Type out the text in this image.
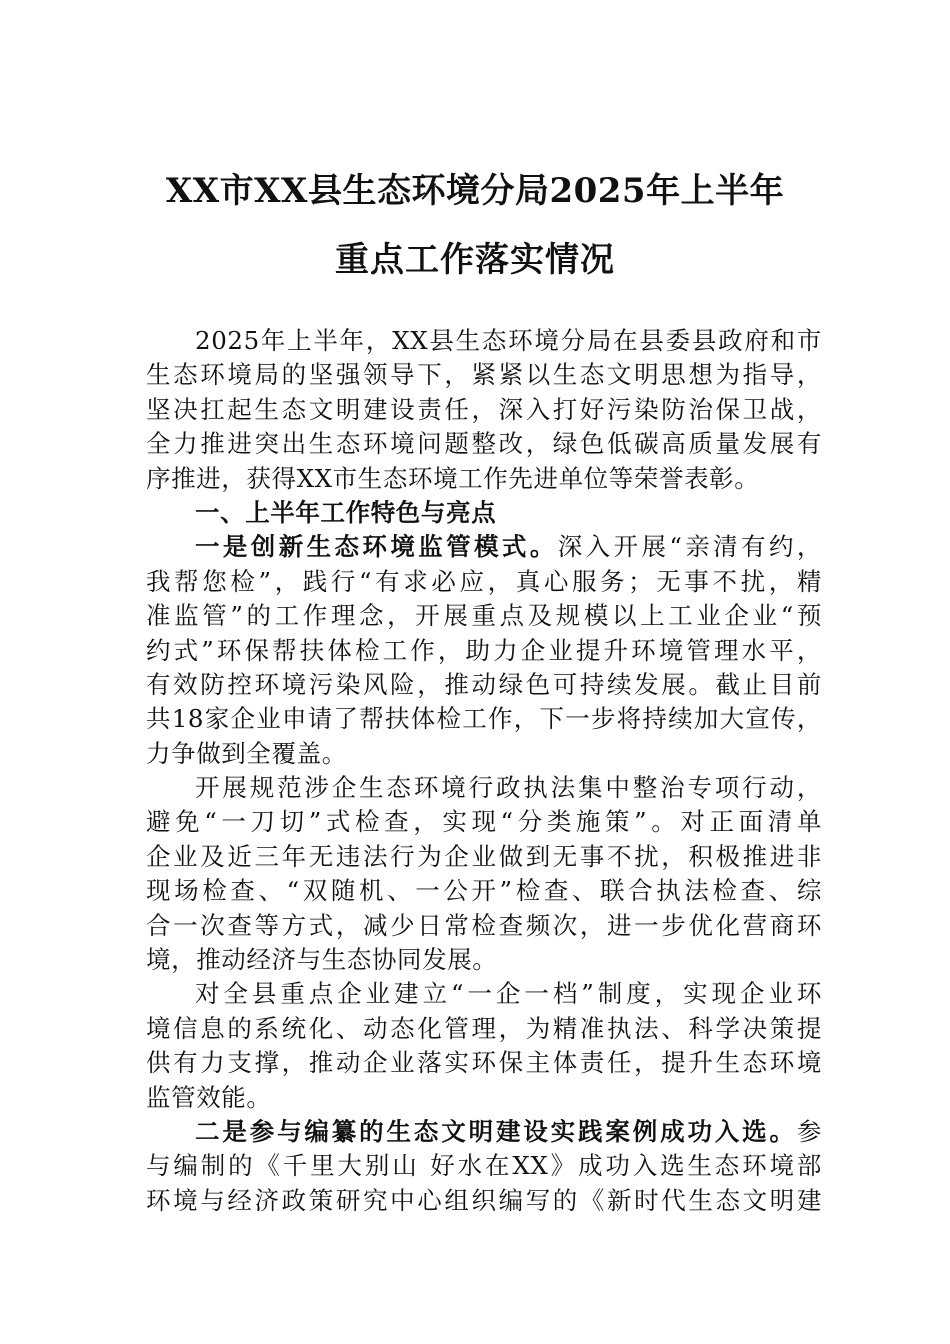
XX市XX县生态环境分局2025年上半年
重点工作落实情况
2025年上半年，XX县生态环境分局在县委县政府和市
生态环境局的坚强领导下，紧紧以生态文明思想为指导，
坚决扛起生态文明建设责任，深入打好污染防治保卫战，
全力推进突出生态环境问题整改，绿色低碳高质量发展有
序推进，获得XX市生态环境工作先进单位等荣誉表彰。
一、上半年工作特色与亮点
一是创新生态环境监管模式。深入开展“亲清有约，
我帮您检”，践行“有求必应，真心服务；无事不扰，精
准监管”的工作理念，开展重点及规模以上工业企业“预
约式”环保帮扶体检工作，助力企业提升环境管理水平，
有效防控环境污染风险，推动绿色可持续发展。截止目前
共18家企业申请了帮扶体检工作，下一步将持续加大宣传，
力争做到全覆盖。
开展规范涉企生态环境行政执法集中整治专项行动，
避免“一刀切”式检查，实现“分类施策”。对正面清单
企业及近三年无违法行为企业做到无事不扰，积极推进非
现场检查、“双随机、一公开”检查、联合执法检查、综
合一次查等方式，减少日常检查频次，进一步优化营商环
境，推动经济与生态协同发展。
对全县重点企业建立“一企一档”制度，实现企业环
境信息的系统化、动态化管理，为精准执法、科学决策提
供有力支撑，推动企业落实环保主体责任，提升生态环境
监管效能。
二是参与编纂的生态文明建设实践案例成功入选。参
与编制的《千里大别山 好水在XX》成功入选生态环境部
环境与经济政策研究中心组织编写的《新时代生态文明建
